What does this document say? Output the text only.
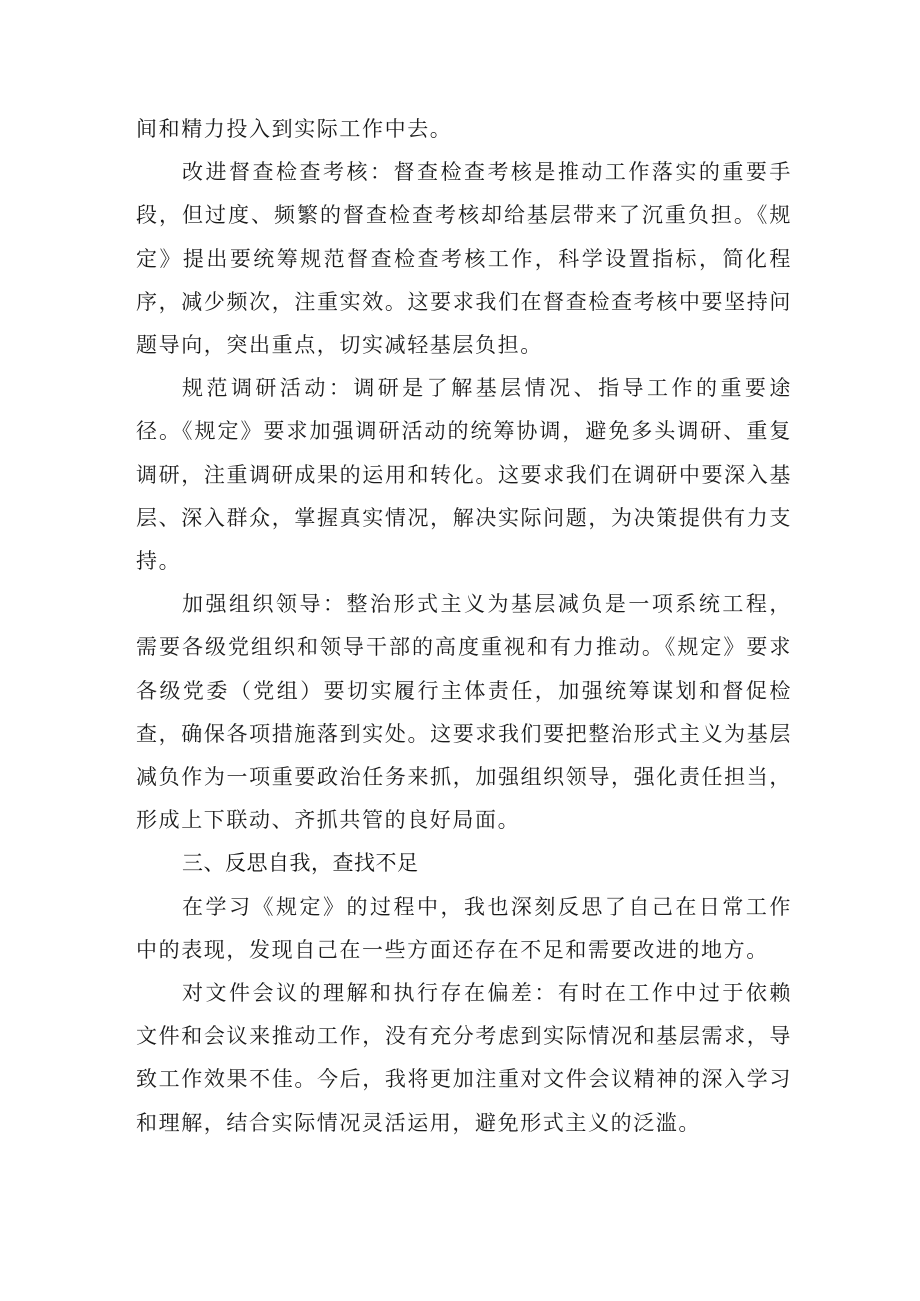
间和精力投入到实际工作中去。

改进督查检查考核：督查检查考核是推动工作落实的重要手段，但过度、频繁的督查检查考核却给基层带来了沉重负担。《规定》提出要统筹规范督查检查考核工作，科学设置指标，简化程序，减少频次，注重实效。这要求我们在督查检查考核中要坚持问题导向，突出重点，切实减轻基层负担。

规范调研活动：调研是了解基层情况、指导工作的重要途径。《规定》要求加强调研活动的统筹协调，避免多头调研、重复调研，注重调研成果的运用和转化。这要求我们在调研中要深入基层、深入群众，掌握真实情况，解决实际问题，为决策提供有力支持。

加强组织领导：整治形式主义为基层减负是一项系统工程，需要各级党组织和领导干部的高度重视和有力推动。《规定》要求各级党委（党组）要切实履行主体责任，加强统筹谋划和督促检查，确保各项措施落到实处。这要求我们要把整治形式主义为基层减负作为一项重要政治任务来抓，加强组织领导，强化责任担当，形成上下联动、齐抓共管的良好局面。

三、反思自我，查找不足

在学习《规定》的过程中，我也深刻反思了自己在日常工作中的表现，发现自己在一些方面还存在不足和需要改进的地方。

对文件会议的理解和执行存在偏差：有时在工作中过于依赖文件和会议来推动工作，没有充分考虑到实际情况和基层需求，导致工作效果不佳。今后，我将更加注重对文件会议精神的深入学习和理解，结合实际情况灵活运用，避免形式主义的泛滥。
